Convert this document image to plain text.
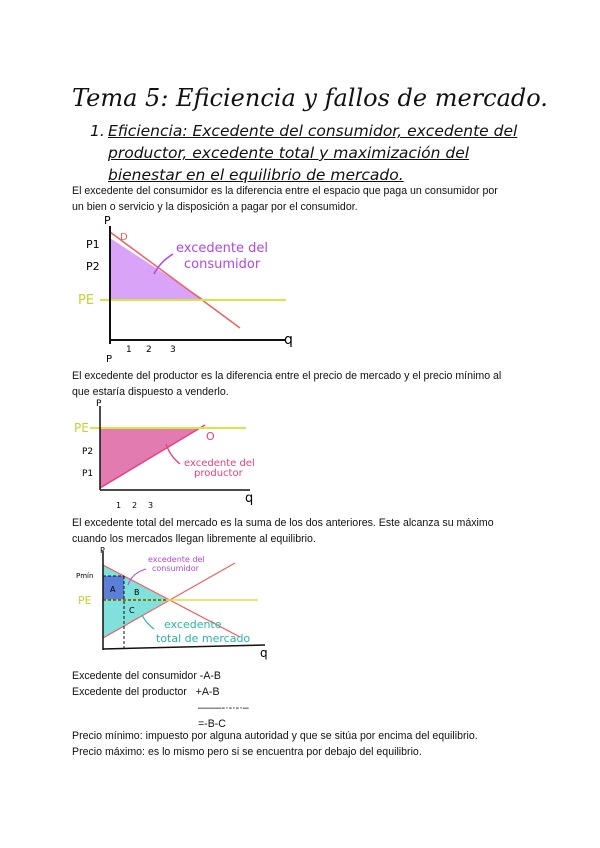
Tema 5: Eficiencia y fallos de mercado.
1. Eficiencia: Excedente del consumidor, excedente del
productor, excedente total y maximización del
bienestar en el equilibrio de mercado.
El excedente del consumidor es la diferencia entre el espacio que paga un consumidor por
un bien o servicio y la disposición a pagar por el consumidor.
P
P1
P2
PE
D
q
1 2 3
P
excedente del
consumidor
El excedente del productor es la diferencia entre el precio de mercado y el precio mínimo al
que estaría dispuesto a venderlo.
P
PE
P2
P1
O
q
1 2 3
excedente del
productor
El excedente total del mercado es la suma de los dos anteriores. Este alcanza su máximo
cuando los mercados llegan libremente al equilibrio.
P
Pmín
PE
A B
C
q
excedente del
consumidor
excedente
total de mercado
Excedente del consumidor -A-B
Excedente del productor   +A-B
––––-·-·-·–
=-B-C
Precio mínimo: impuesto por alguna autoridad y que se sitúa por encima del equilibrio.
Precio máximo: es lo mismo pero si se encuentra por debajo del equilibrio.
